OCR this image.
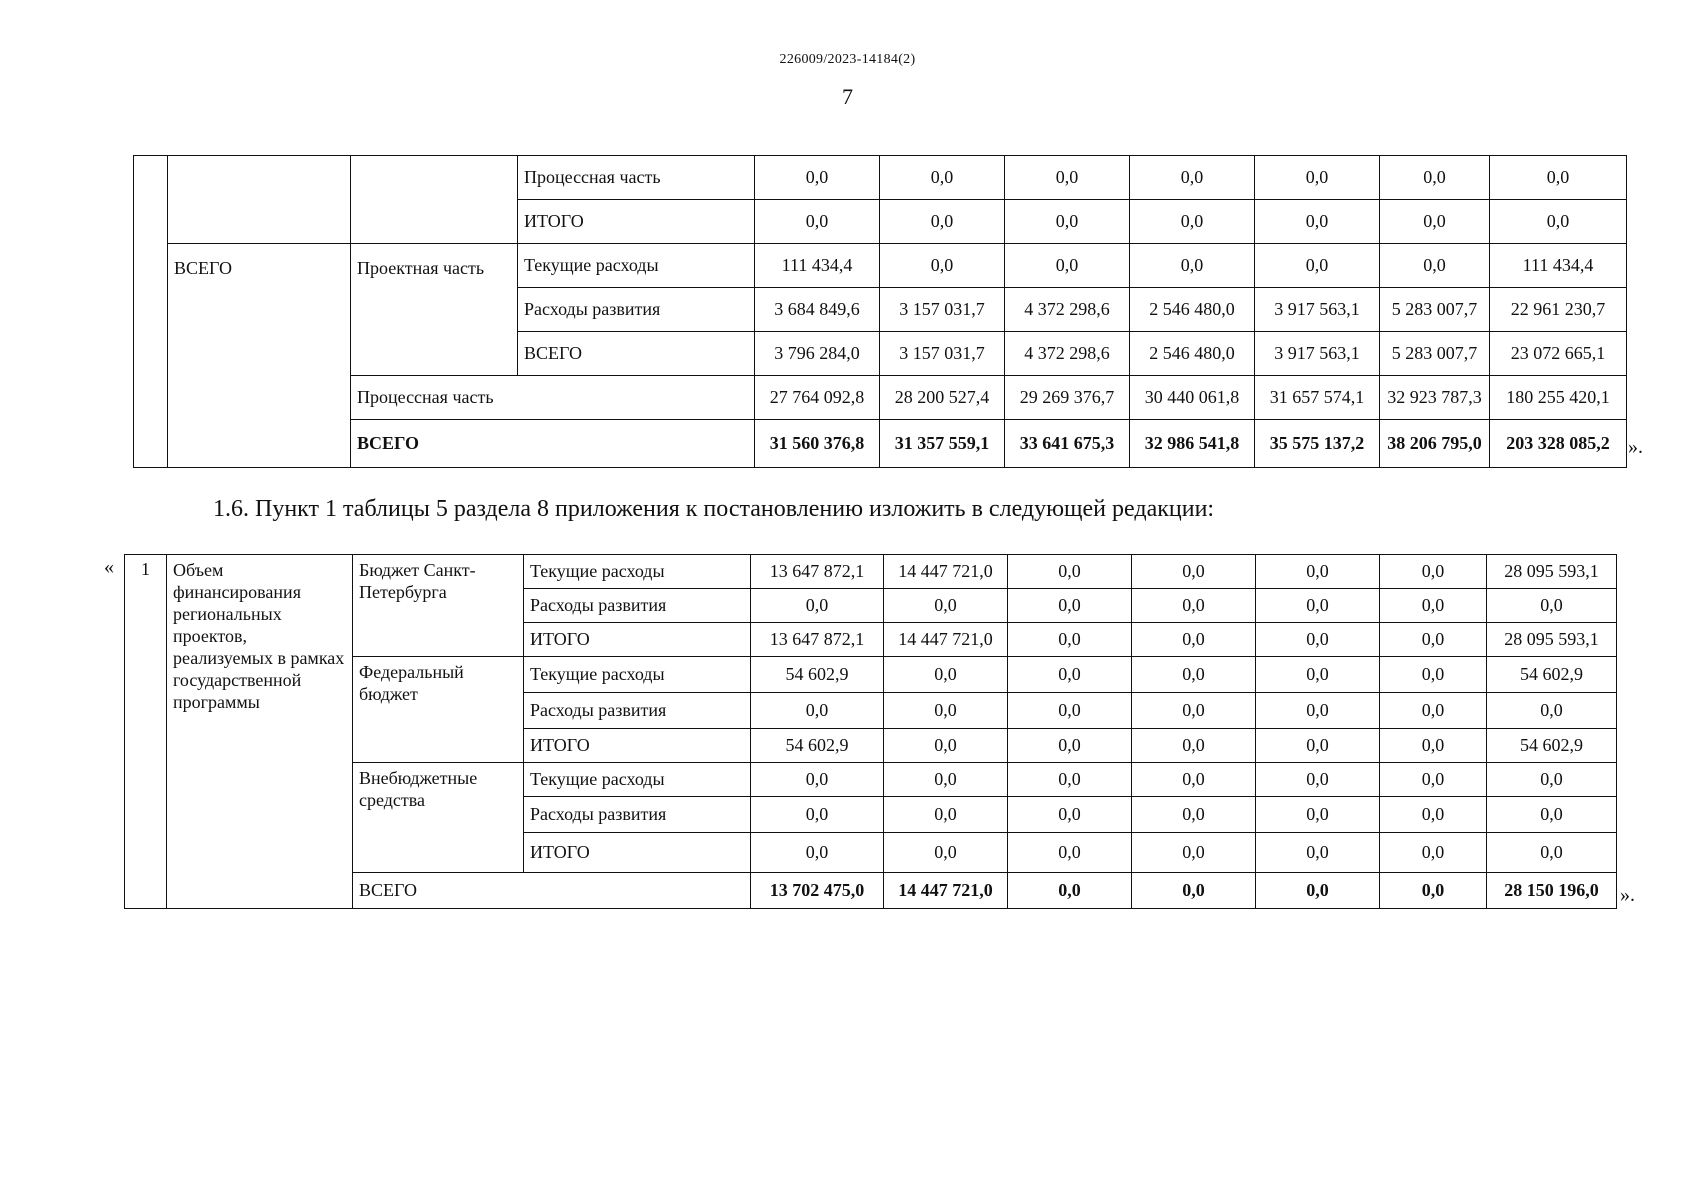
226009/2023-14184(2)
7
			Процессная часть	0,0	0,0	0,0	0,0	0,0	0,0	0,0
			ИТОГО	0,0	0,0	0,0	0,0	0,0	0,0	0,0
	ВСЕГО	Проектная часть	Текущие расходы	111 434,4	0,0	0,0	0,0	0,0	0,0	111 434,4
			Расходы развития	3 684 849,6	3 157 031,7	4 372 298,6	2 546 480,0	3 917 563,1	5 283 007,7	22 961 230,7
			ВСЕГО	3 796 284,0	3 157 031,7	4 372 298,6	2 546 480,0	3 917 563,1	5 283 007,7	23 072 665,1
		Процессная часть		27 764 092,8	28 200 527,4	29 269 376,7	30 440 061,8	31 657 574,1	32 923 787,3	180 255 420,1
		ВСЕГО		31 560 376,8	31 357 559,1	33 641 675,3	32 986 541,8	35 575 137,2	38 206 795,0	203 328 085,2 ».
1.6. Пункт 1 таблицы 5 раздела 8 приложения к постановлению изложить в следующей редакции:
« 1	Объем финансирования региональных проектов, реализуемых в рамках государственной программы	Бюджет Санкт-Петербурга	Текущие расходы	13 647 872,1	14 447 721,0	0,0	0,0	0,0	0,0	28 095 593,1
			Расходы развития	0,0	0,0	0,0	0,0	0,0	0,0	0,0
			ИТОГО	13 647 872,1	14 447 721,0	0,0	0,0	0,0	0,0	28 095 593,1
		Федеральный бюджет	Текущие расходы	54 602,9	0,0	0,0	0,0	0,0	0,0	54 602,9
			Расходы развития	0,0	0,0	0,0	0,0	0,0	0,0	0,0
			ИТОГО	54 602,9	0,0	0,0	0,0	0,0	0,0	54 602,9
		Внебюджетные средства	Текущие расходы	0,0	0,0	0,0	0,0	0,0	0,0	0,0
			Расходы развития	0,0	0,0	0,0	0,0	0,0	0,0	0,0
			ИТОГО	0,0	0,0	0,0	0,0	0,0	0,0	0,0
		ВСЕГО		13 702 475,0	14 447 721,0	0,0	0,0	0,0	0,0	28 150 196,0 ».
